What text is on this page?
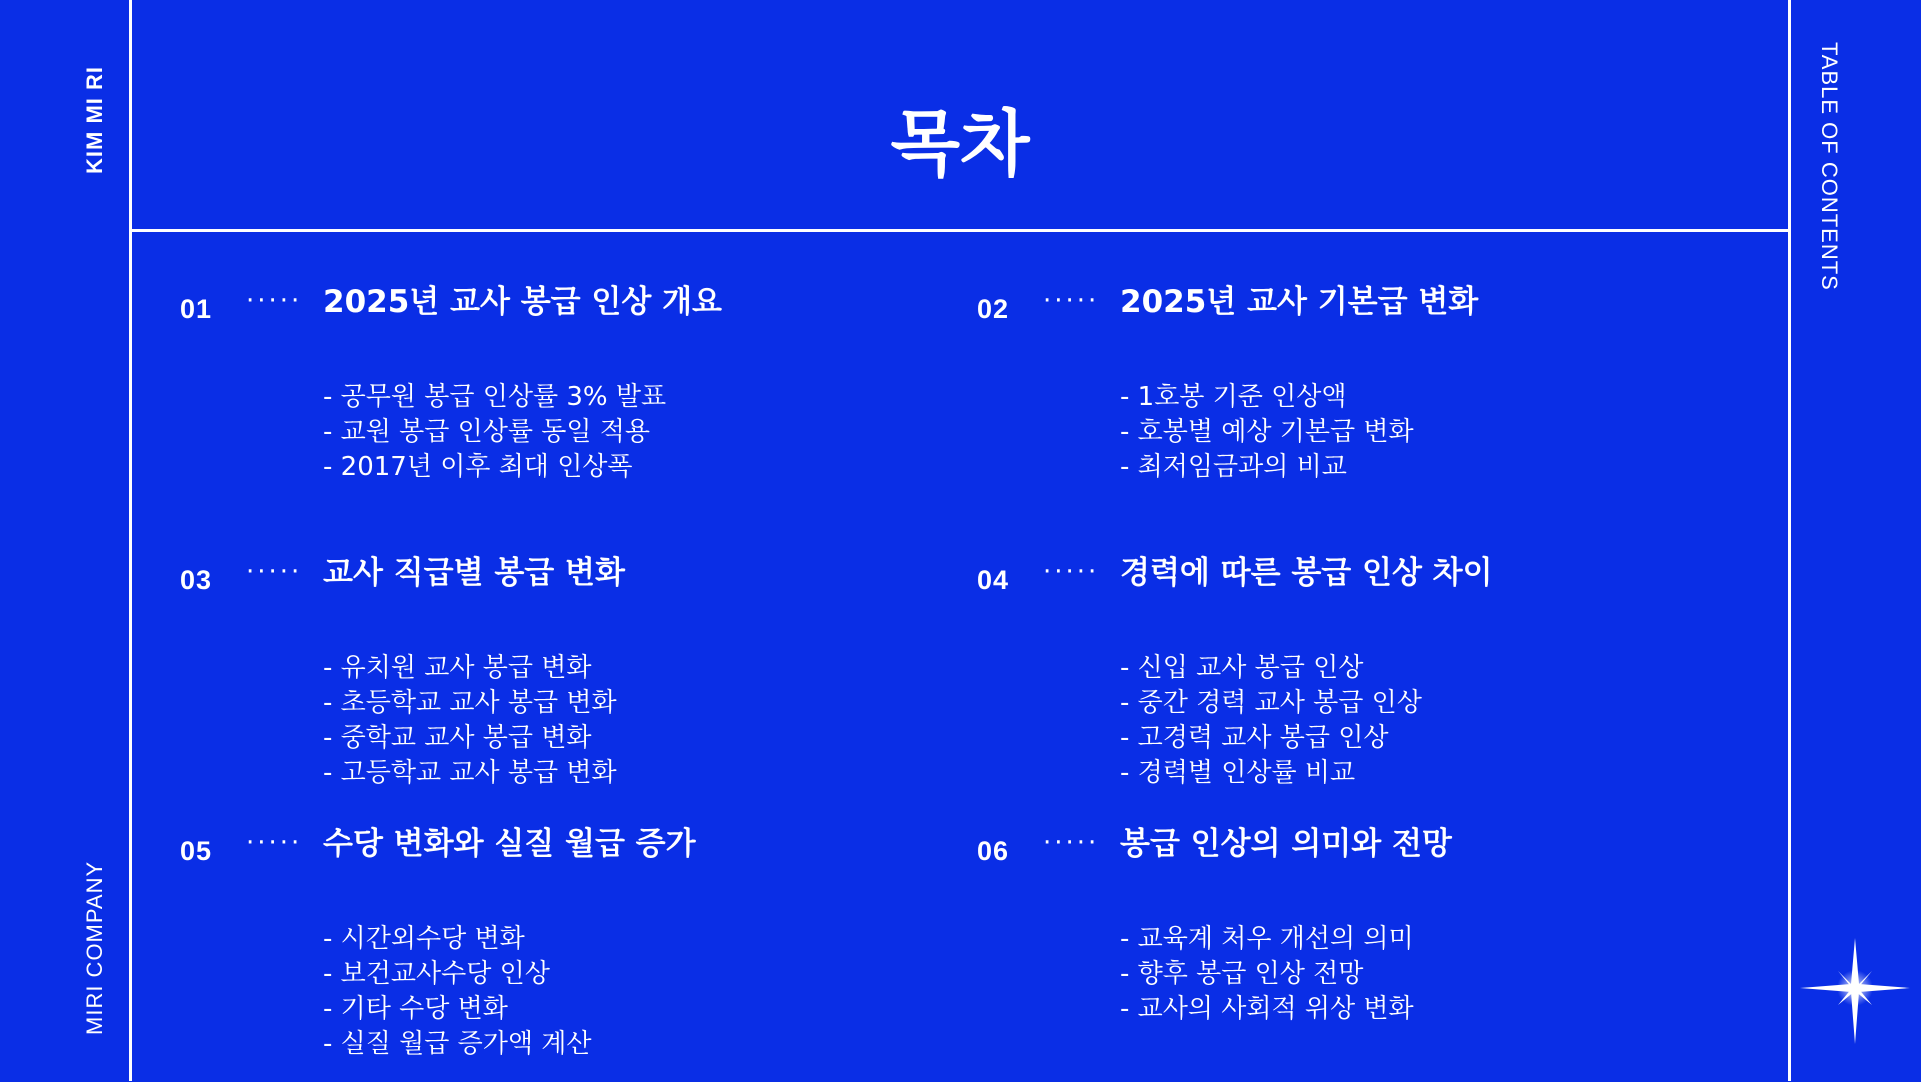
KIM MI RI
MIRI COMPANY
TABLE OF CONTENTS
목차
01 ····· 2025년 교사 봉급 인상 개요
- 공무원 봉급 인상률 3% 발표
- 교원 봉급 인상률 동일 적용
- 2017년 이후 최대 인상폭
02 ····· 2025년 교사 기본급 변화
- 1호봉 기준 인상액
- 호봉별 예상 기본급 변화
- 최저임금과의 비교
03 ····· 교사 직급별 봉급 변화
- 유치원 교사 봉급 변화
- 초등학교 교사 봉급 변화
- 중학교 교사 봉급 변화
- 고등학교 교사 봉급 변화
04 ····· 경력에 따른 봉급 인상 차이
- 신입 교사 봉급 인상
- 중간 경력 교사 봉급 인상
- 고경력 교사 봉급 인상
- 경력별 인상률 비교
05 ····· 수당 변화와 실질 월급 증가
- 시간외수당 변화
- 보건교사수당 인상
- 기타 수당 변화
- 실질 월급 증가액 계산
06 ····· 봉급 인상의 의미와 전망
- 교육계 처우 개선의 의미
- 향후 봉급 인상 전망
- 교사의 사회적 위상 변화
